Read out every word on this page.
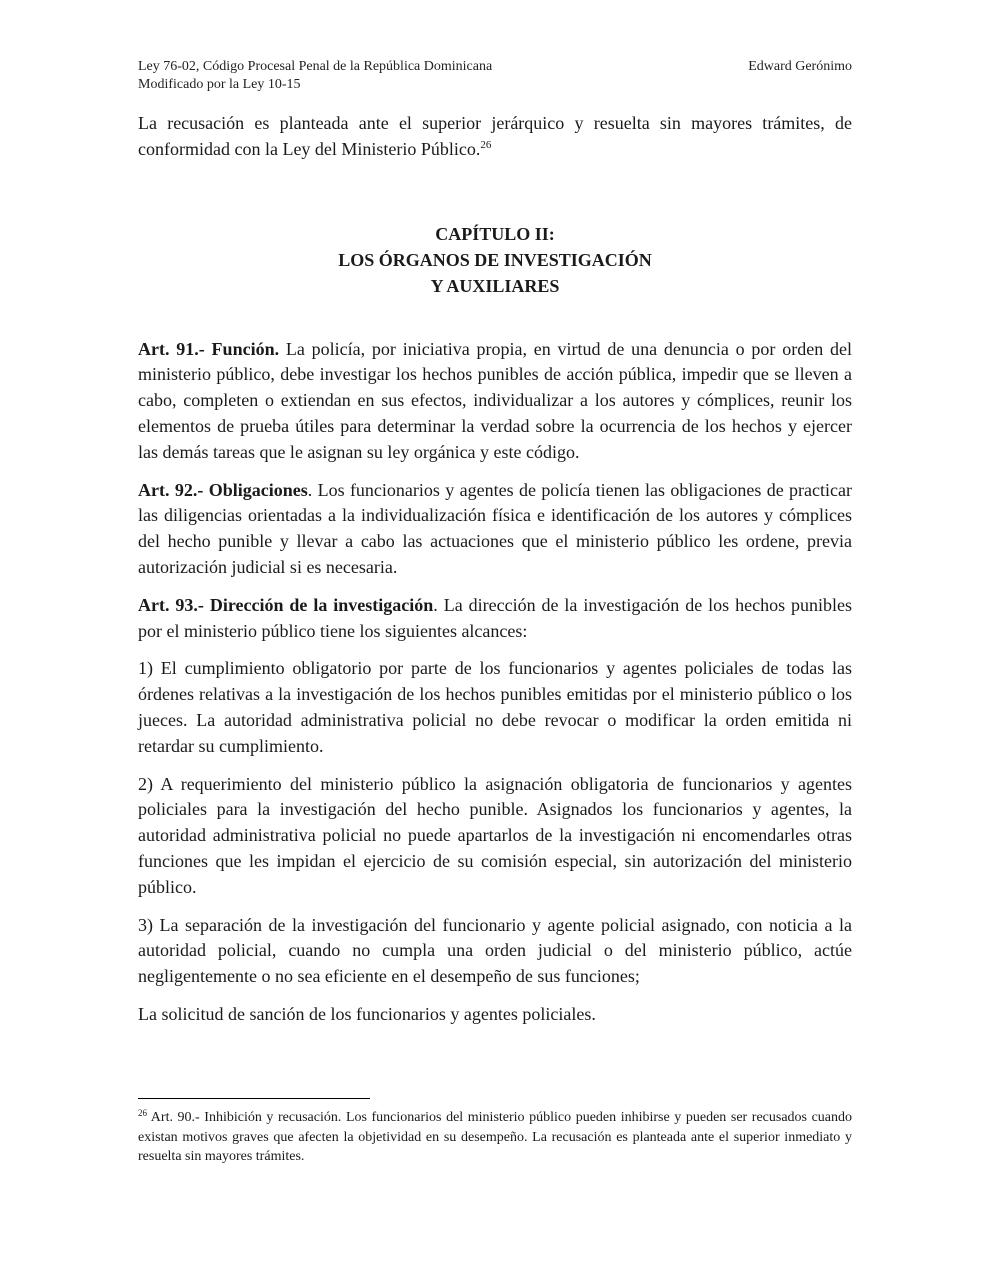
Ley 76-02, Código Procesal Penal de la República Dominicana	Edward Gerónimo
Modificado por la Ley 10-15

La recusación es planteada ante el superior jerárquico y resuelta sin mayores trámites, de conformidad con la Ley del Ministerio Público.$^{26}$

CAPÍTULO II:
LOS ÓRGANOS DE INVESTIGACIÓN
Y AUXILIARES

Art. 91.- Función. La policía, por iniciativa propia, en virtud de una denuncia o por orden del ministerio público, debe investigar los hechos punibles de acción pública, impedir que se lleven a cabo, completen o extiendan en sus efectos, individualizar a los autores y cómplices, reunir los elementos de prueba útiles para determinar la verdad sobre la ocurrencia de los hechos y ejercer las demás tareas que le asignan su ley orgánica y este código.

Art. 92.- Obligaciones. Los funcionarios y agentes de policía tienen las obligaciones de practicar las diligencias orientadas a la individualización física e identificación de los autores y cómplices del hecho punible y llevar a cabo las actuaciones que el ministerio público les ordene, previa autorización judicial si es necesaria.

Art. 93.- Dirección de la investigación. La dirección de la investigación de los hechos punibles por el ministerio público tiene los siguientes alcances:

1) El cumplimiento obligatorio por parte de los funcionarios y agentes policiales de todas las órdenes relativas a la investigación de los hechos punibles emitidas por el ministerio público o los jueces. La autoridad administrativa policial no debe revocar o modificar la orden emitida ni retardar su cumplimiento.

2) A requerimiento del ministerio público la asignación obligatoria de funcionarios y agentes policiales para la investigación del hecho punible. Asignados los funcionarios y agentes, la autoridad administrativa policial no puede apartarlos de la investigación ni encomendarles otras funciones que les impidan el ejercicio de su comisión especial, sin autorización del ministerio público.

3) La separación de la investigación del funcionario y agente policial asignado, con noticia a la autoridad policial, cuando no cumpla una orden judicial o del ministerio público, actúe negligentemente o no sea eficiente en el desempeño de sus funciones;

La solicitud de sanción de los funcionarios y agentes policiales.

$^{26}$ Art. 90.- Inhibición y recusación. Los funcionarios del ministerio público pueden inhibirse y pueden ser recusados cuando existan motivos graves que afecten la objetividad en su desempeño. La recusación es planteada ante el superior inmediato y resuelta sin mayores trámites.
